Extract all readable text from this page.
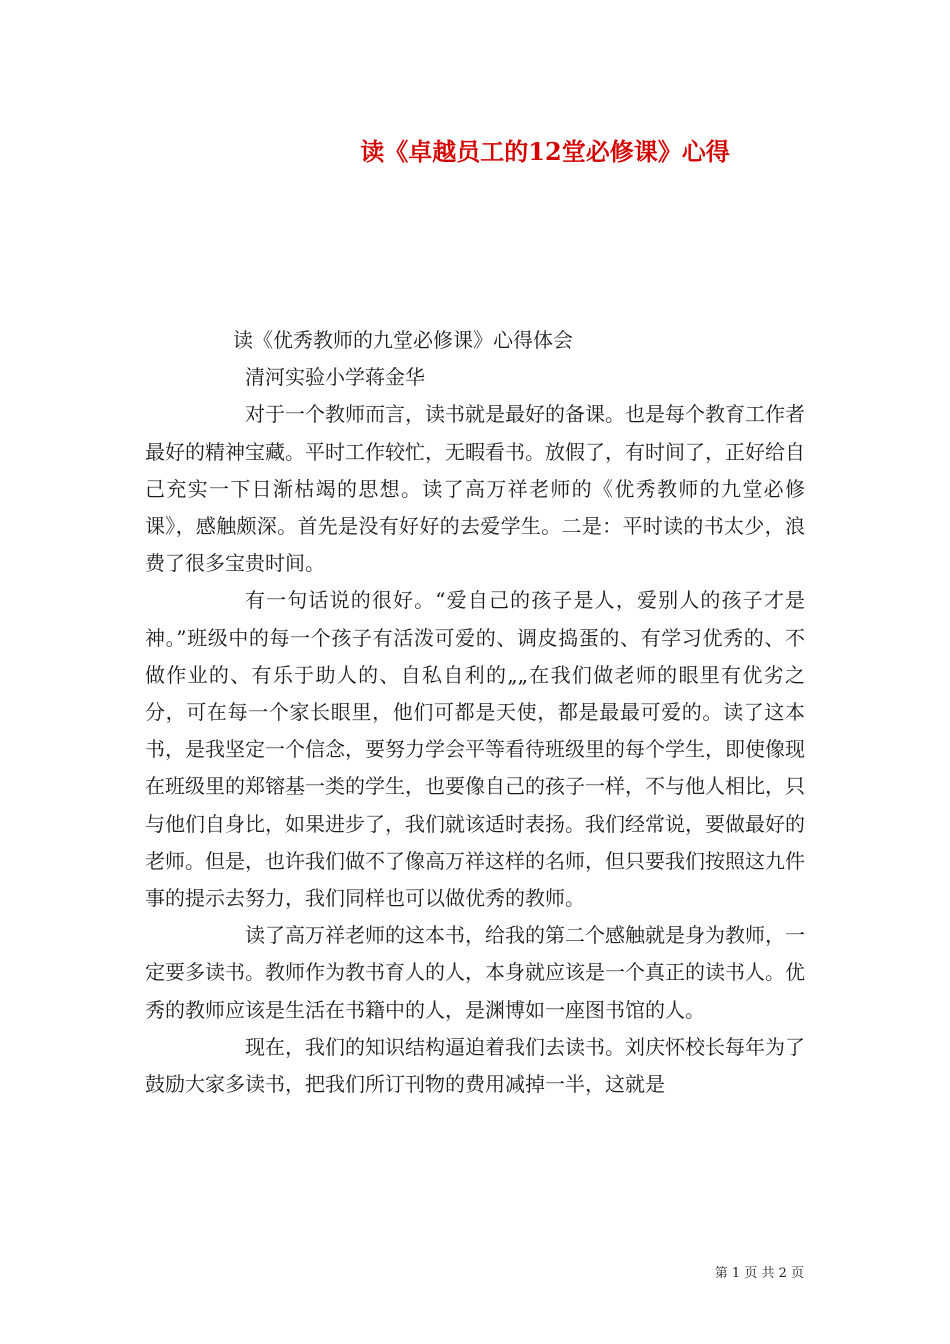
读《卓越员工的12堂必修课》心得

读《优秀教师的九堂必修课》心得体会

清河实验小学蒋金华

对于一个教师而言，读书就是最好的备课。也是每个教育工作者最好的精神宝藏。平时工作较忙，无暇看书。放假了，有时间了，正好给自己充实一下日渐枯竭的思想。读了高万祥老师的《优秀教师的九堂必修课》，感触颇深。首先是没有好好的去爱学生。二是：平时读的书太少，浪费了很多宝贵时间。

有一句话说的很好。“爱自己的孩子是人，爱别人的孩子才是神。”班级中的每一个孩子有活泼可爱的、调皮捣蛋的、有学习优秀的、不做作业的、有乐于助人的、自私自利的„„在我们做老师的眼里有优劣之分，可在每一个家长眼里，他们可都是天使，都是最最可爱的。读了这本书，是我坚定一个信念，要努力学会平等看待班级里的每个学生，即使像现在班级里的郑镕基一类的学生，也要像自己的孩子一样，不与他人相比，只与他们自身比，如果进步了，我们就该适时表扬。我们经常说，要做最好的老师。但是，也许我们做不了像高万祥这样的名师，但只要我们按照这九件事的提示去努力，我们同样也可以做优秀的教师。

读了高万祥老师的这本书，给我的第二个感触就是身为教师，一定要多读书。教师作为教书育人的人，本身就应该是一个真正的读书人。优秀的教师应该是生活在书籍中的人，是渊博如一座图书馆的人。

现在，我们的知识结构逼迫着我们去读书。刘庆怀校长每年为了鼓励大家多读书，把我们所订刊物的费用减掉一半，这就是

第 1 页 共 2 页
